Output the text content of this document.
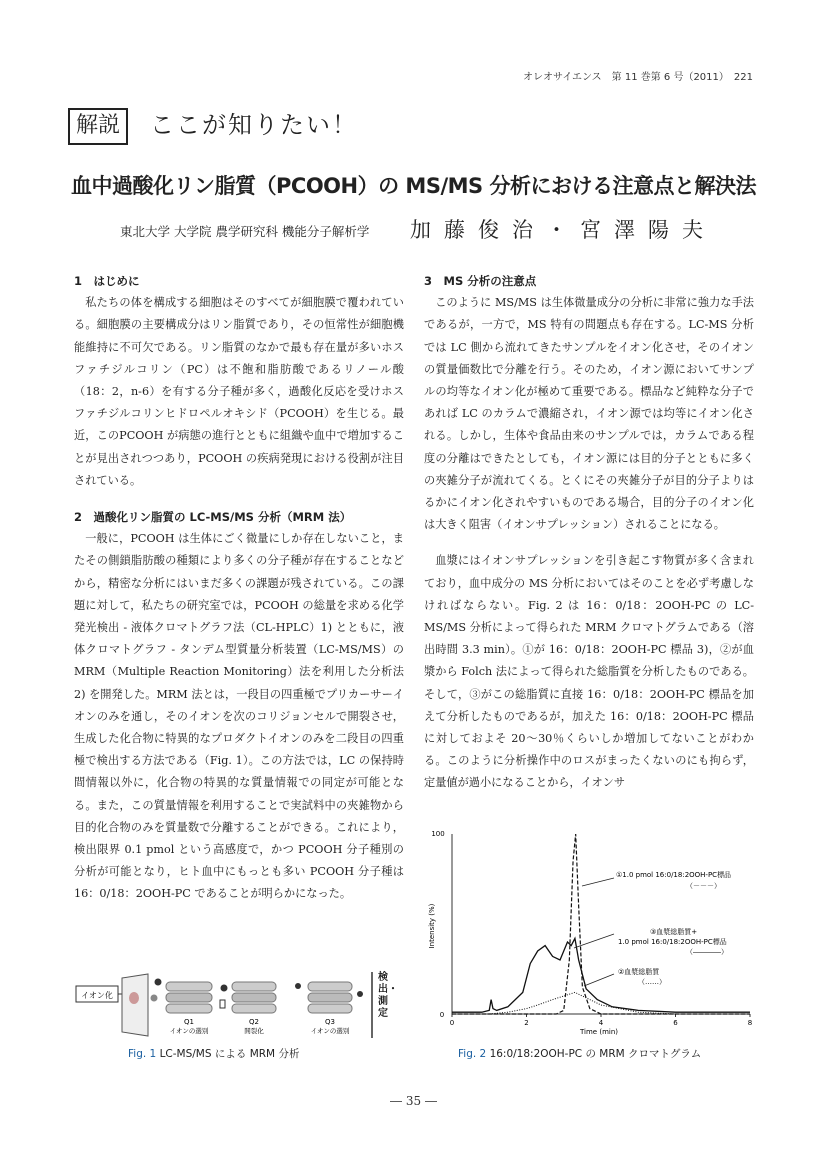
オレオサイエンス　第 11 巻第 6 号（2011）　221
解説	ここが知りたい！
血中過酸化リン脂質（PCOOH）の MS/MS 分析における注意点と解決法
東北大学 大学院 農学研究科 機能分子解析学 加藤俊治・宮澤陽夫
1　はじめに

私たちの体を構成する細胞はそのすべてが細胞膜で覆われている。細胞膜の主要構成分はリン脂質であり，その恒常性が細胞機能維持に不可欠である。リン脂質のなかで最も存在量が多いホスファチジルコリン（PC）は不飽和脂肪酸であるリノール酸（18：2，n-6）を有する分子種が多く，過酸化反応を受けホスファチジルコリンヒドロペルオキシド（PCOOH）を生じる。最近，このPCOOH が病態の進行とともに組織や血中で増加することが見出されつつあり，PCOOH の疾病発現における役割が注目されている。

2　過酸化リン脂質の LC-MS/MS 分析（MRM 法）

一般に，PCOOH は生体にごく微量にしか存在しないこと，またその側鎖脂肪酸の種類により多くの分子種が存在することなどから，精密な分析にはいまだ多くの課題が残されている。この課題に対して，私たちの研究室では，PCOOH の総量を求める化学発光検出 - 液体クロマトグラフ法（CL-HPLC）1) とともに，液体クロマトグラフ - タンデム型質量分析装置（LC-MS/MS）の MRM（Multiple Reaction Monitoring）法を利用した分析法 2) を開発した。MRM 法とは，一段目の四重極でプリカーサーイオンのみを通し，そのイオンを次のコリジョンセルで開裂させ，生成した化合物に特異的なプロダクトイオンのみを二段目の四重極で検出する方法である（Fig. 1）。この方法では，LC の保持時間情報以外に，化合物の特異的な質量情報での同定が可能となる。また，この質量情報を利用することで実試料中の夾雑物から目的化合物のみを質量数で分離することができる。これにより，検出限界 0.1 pmol という高感度で，かつ PCOOH 分子種別の分析が可能となり，ヒト血中にもっとも多い PCOOH 分子種は 16：0/18：2OOH-PC であることが明らかになった。

3　MS 分析の注意点

このように MS/MS は生体微量成分の分析に非常に強力な手法であるが，一方で，MS 特有の問題点も存在する。LC-MS 分析では LC 側から流れてきたサンプルをイオン化させ，そのイオンの質量価数比で分離を行う。そのため，イオン源においてサンプルの均等なイオン化が極めて重要である。標品など純粋な分子であれば LC のカラムで濃縮され，イオン源では均等にイオン化される。しかし，生体や食品由来のサンプルでは，カラムである程度の分離はできたとしても，イオン源には目的分子とともに多くの夾雑分子が流れてくる。とくにその夾雑分子が目的分子よりはるかにイオン化されやすいものである場合，目的分子のイオン化は大きく阻害（イオンサプレッション）されることになる。

血漿にはイオンサプレッションを引き起こす物質が多く含まれており，血中成分の MS 分析においてはそのことを必ず考慮しなければならない。Fig. 2 は 16：0/18：2OOH-PC の LC-MS/MS 分析によって得られた MRM クロマトグラムである（溶出時間 3.3 min）。①が 16：0/18：2OOH-PC 標品 3)，②が血漿から Folch 法によって得られた総脂質を分析したものである。そして，③がこの総脂質に直接 16：0/18：2OOH-PC 標品を加えて分析したものであるが，加えた 16：0/18：2OOH-PC 標品に対しておよそ 20～30％くらいしか増加してないことがわかる。このように分析操作中のロスがまったくないのにも拘らず，定量値が過小になることから，イオンサ

イオン化
Q1
イオンの選別
Q2
開裂化
Q3
イオンの選別
検出・測定
Fig. 1 LC-MS/MS による MRM 分析
100
0
Intensity (%)
0	2	4	6	8
Time (min)
①1.0 pmol 16:0/18:2OOH-PC標品
（－－－）
③血漿総脂質+
1.0 pmol 16:0/18:2OOH-PC標品
（――――）
②血漿総脂質
（……）
Fig. 2 16:0/18:2OOH-PC の MRM クロマトグラム
― 35 ―
